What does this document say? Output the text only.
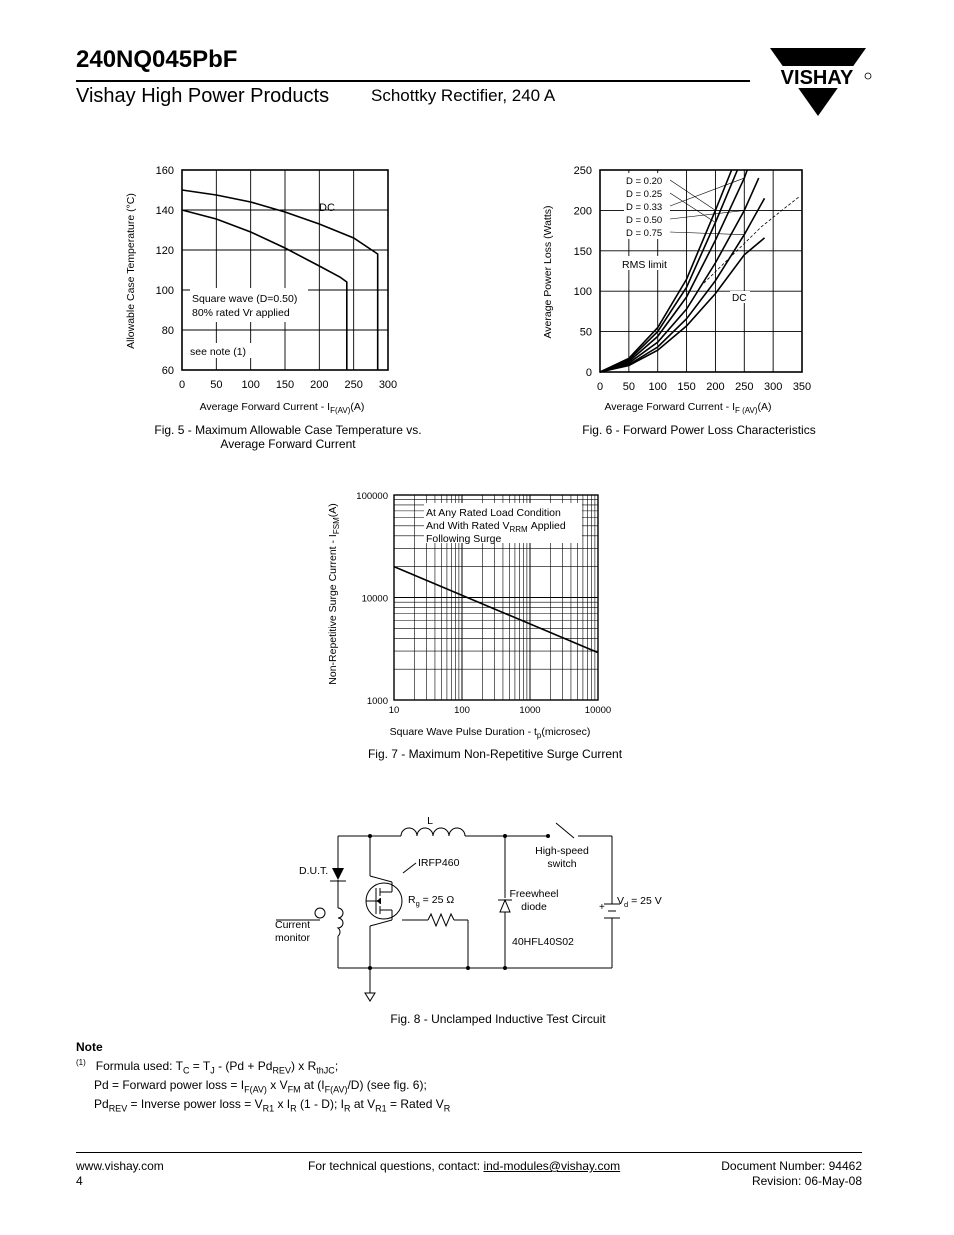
240NQ045PbF
Vishay High Power Products Schottky Rectifier, 240 A
VISHAY
0 50 100 150 200 250 300
60
80
100
120
140
160
DC
Square wave (D=0.50)
80% rated Vr applied
see note (1)
Allowable Case Temperature (°C)
Average Forward Current - $I_{F(AV)}(A)$
Fig. 5 - Maximum Allowable Case Temperature vs.
Average Forward Current
0 50 100 150 200 250 300 350
0
50
100
150
200
250
D = 0.20
D = 0.25
D = 0.33
D = 0.50
D = 0.75
RMS limit
DC
Average Power Loss (Watts)
Average Forward Current - $I_{F (AV)}(A)$
Fig. 6 - Forward Power Loss Characteristics
10	100	1000	10000
1000
10000
100000
At Any Rated Load Condition
And With Rated $V_{RRM}$ Applied
Following Surge
Non-Repetitive Surge Current - $I_{FSM}(A)$
Square Wave Pulse Duration - $t_p(microsec)$
Fig. 7 - Maximum Non-Repetitive Surge Current
L
D.U.T.
IRFP460
$R_g = 25$ Ω
High-speed
switch
Freewheel
diode
40HFL40S02
+
$V_d = 25$ V
Current
monitor
Fig. 8 - Unclamped Inductive Test Circuit
Note
$^{(1)}$   Formula used: $T_C = T_J - (Pd + Pd_{REV})$ x $R_{thJC}$;
Pd = Forward power loss = $I_{F(AV)}$ x $V_{FM}$ at $(I_{F(AV)}/D)$ (see fig. 6);
$Pd_{REV}$ = Inverse power loss = $V_{R1}$ x $I_R$ (1 - D); $I_R$ at $V_{R1}$ = Rated $V_R$
www.vishay.com
4
For technical questions, contact: ind-modules@vishay.com	Document Number: 94462
Revision: 06-May-08
